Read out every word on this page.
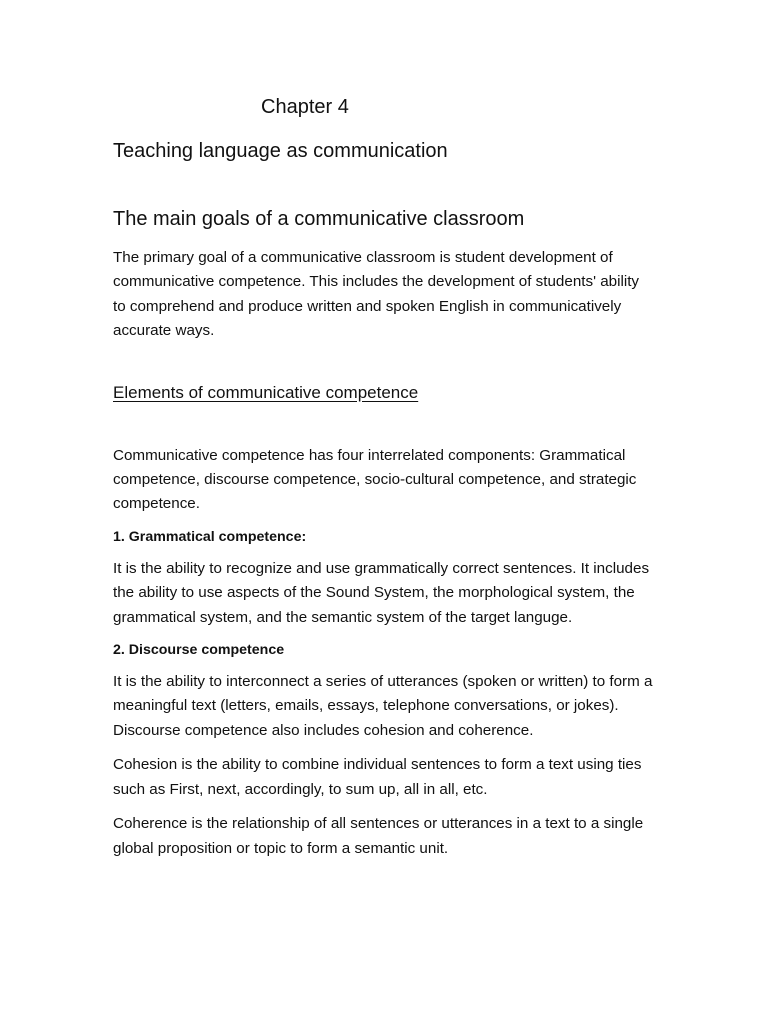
Chapter 4
Teaching language as communication
The main goals of a communicative classroom

The primary goal of a communicative classroom is student development of communicative competence. This includes the development of students' ability to comprehend and produce written and spoken English in communicatively accurate ways.

Elements of communicative competence

Communicative competence has four interrelated components: Grammatical competence, discourse competence, socio-cultural competence, and strategic competence.

1. Grammatical competence:

It is the ability to recognize and use grammatically correct sentences. It includes the ability to use aspects of the Sound System, the morphological system, the grammatical system, and the semantic system of the target languge.

2. Discourse competence

It is the ability to interconnect a series of utterances (spoken or written) to form a meaningful text (letters, emails, essays, telephone conversations, or jokes). Discourse competence also includes cohesion and coherence.

Cohesion is the ability to combine individual sentences to form a text using ties such as First, next, accordingly, to sum up, all in all, etc.

Coherence is the relationship of all sentences or utterances in a text to a single global proposition or topic to form a semantic unit.
